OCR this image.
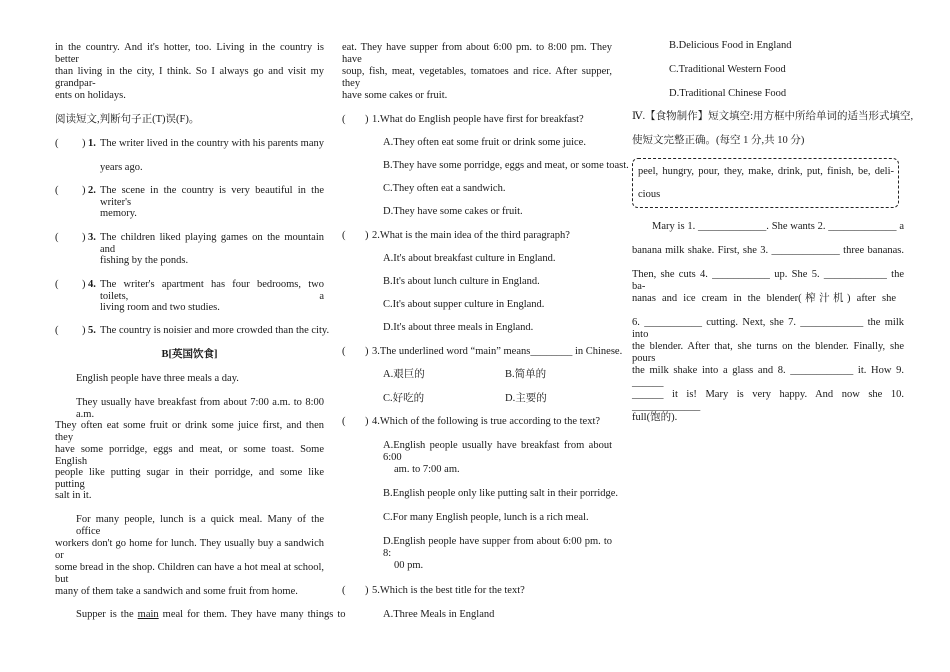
in the country. And it's hotter, too. Living in the country is better
than living in the city, I think. So I always go and visit my grandpar-
ents on holidays.
阅读短文,判断句子正(T)误(F)。
( ) 1. The writer lived in the country with his parents many
years ago.
( ) 2. The scene in the country is very beautiful in the writer's
memory.
( ) 3. The children liked playing games on the mountain and
fishing by the ponds.
( ) 4. The writer's apartment has four bedrooms, two toilets, a
living room and two studies.
( ) 5. The country is noisier and more crowded than the city.
B[英国饮食]
English people have three meals a day.
They usually have breakfast from about 7:00 a.m. to 8:00 a.m.
They often eat some fruit or drink some juice first, and then they
have some porridge, eggs and meat, or some toast. Some English
people like putting sugar in their porridge, and some like putting
salt in it.
For many people, lunch is a quick meal. Many of the office
workers don't go home for lunch. They usually buy a sandwich or
some bread in the shop. Children can have a hot meal at school, but
many of them take a sandwich and some fruit from home.
Supper is the main meal for them. They have many things to
eat. They have supper from about 6:00 pm. to 8:00 pm. They have
soup, fish, meat, vegetables, tomatoes and rice. After supper, they
have some cakes or fruit.
( ) 1.What do English people have first for breakfast?
A.They often eat some fruit or drink some juice.
B.They have some porridge, eggs and meat, or some toast.
C.They often eat a sandwich.
D.They have some cakes or fruit.
( ) 2.What is the main idea of the third paragraph?
A.It's about breakfast culture in England.
B.It's about lunch culture in England.
C.It's about supper culture in England.
D.It's about three meals in England.
( ) 3.The underlined word “main” means________ in Chinese.
A.艰巨的	B.简单的
C.好吃的	D.主要的
( ) 4.Which of the following is true according to the text?
A.English people usually have breakfast from about 6:00
am. to 7:00 am.
B.English people only like putting salt in their porridge.
C.For many English people, lunch is a rich meal.
D.English people have supper from about 6:00 pm. to 8:
00 pm.
( ) 5.Which is the best title for the text?
A.Three Meals in England
B.Delicious Food in England
C.Traditional Western Food
D.Traditional Chinese Food
Ⅳ.【食物制作】短文填空:用方框中所给单词的适当形式填空,
使短文完整正确。(每空 1 分,共 10 分)
peel, hungry, pour, they, make, drink, put, finish, be, deli-
cious
Mary is 1. _____________. She wants 2. _____________ a
banana milk shake. First, she 3. _____________ three bananas.
Then, she cuts 4. ___________ up. She 5. ____________ the ba-
nanas and ice cream in the blender(榨汁机) after she
6. ___________ cutting. Next, she 7. ____________ the milk into
the blender. After that, she turns on the blender. Finally, she pours
the milk shake into a glass and 8. ____________ it. How 9. ______
______ it is! Mary is very happy. And now she 10. _____________
full(饱的).
